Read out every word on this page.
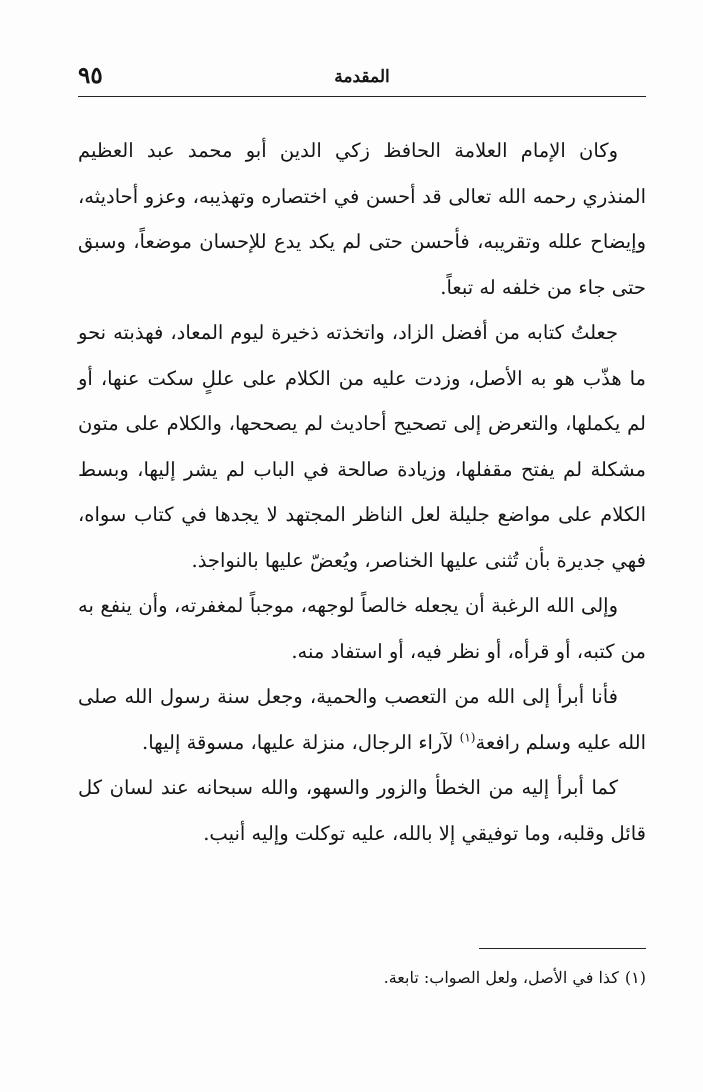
٩٥	المقدمة

وكان الإمام العلامة الحافظ زكي الدين أبو محمد عبد العظيم المنذري رحمه الله تعالى قد أحسن في اختصاره وتهذيبه، وعزو أحاديثه، وإيضاح علله وتقريبه، فأحسن حتى لم يكد يدع للإحسان موضعاً، وسبق حتى جاء من خلفه له تبعاً.

جعلتُ كتابه من أفضل الزاد، واتخذته ذخيرة ليوم المعاد، فهذبته نحو ما هذّب هو به الأصل، وزدت عليه من الكلام على عللٍ سكت عنها، أو لم يكملها، والتعرض إلى تصحيح أحاديث لم يصححها، والكلام على متون مشكلة لم يفتح مقفلها، وزيادة صالحة في الباب لم يشر إليها، وبسط الكلام على مواضع جليلة لعل الناظر المجتهد لا يجدها في كتاب سواه، فهي جديرة بأن تُثنى عليها الخناصر، ويُعضّ عليها بالنواجذ.

وإلى الله الرغبة أن يجعله خالصاً لوجهه، موجباً لمغفرته، وأن ينفع به من كتبه، أو قرأه، أو نظر فيه، أو استفاد منه.

فأنا أبرأ إلى الله من التعصب والحمية، وجعل سنة رسول الله صلى الله عليه وسلم رافعة$^{(١)}$ لآراء الرجال، منزلة عليها، مسوقة إليها.

كما أبرأ إليه من الخطأ والزور والسهو، والله سبحانه عند لسان كل قائل وقلبه، وما توفيقي إلا بالله، عليه توكلت وإليه أنيب.

(١)كذا في الأصل، ولعل الصواب: تابعة.
